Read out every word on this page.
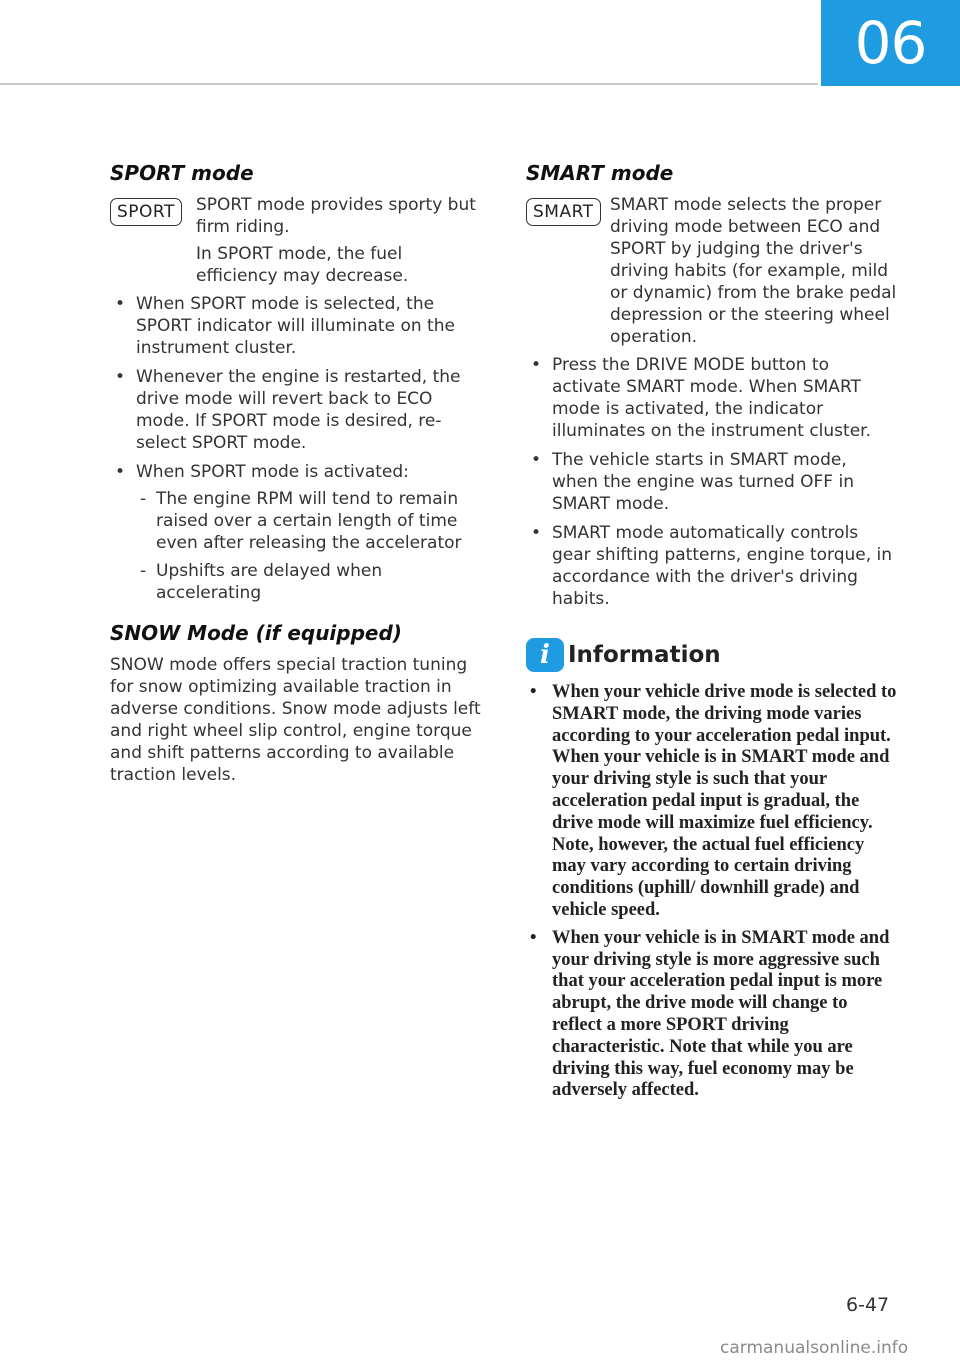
06
SPORT mode
SPORT	SPORT mode provides sporty but firm riding.

In SPORT mode, the fuel efficiency may decrease.

• When SPORT mode is selected, the SPORT indicator will illuminate on the instrument cluster.
• Whenever the engine is restarted, the drive mode will revert back to ECO mode. If SPORT mode is desired, re-select SPORT mode.
• When SPORT mode is activated:
- The engine RPM will tend to remain raised over a certain length of time even after releasing the accelerator
- Upshifts are delayed when accelerating
SNOW Mode (if equipped)

SNOW mode offers special traction tuning for snow optimizing available traction in adverse conditions. Snow mode adjusts left and right wheel slip control, engine torque and shift patterns according to available traction levels.

SMART mode
SMART SMART mode selects the proper driving mode between ECO and SPORT by judging the driver's driving habits (for example, mild or dynamic) from the brake pedal depression or the steering wheel operation.

• Press the DRIVE MODE button to activate SMART mode. When SMART mode is activated, the indicator illuminates on the instrument cluster.
• The vehicle starts in SMART mode, when the engine was turned OFF in SMART mode.
• SMART mode automatically controls gear shifting patterns, engine torque, in accordance with the driver's driving habits.
i Information
• When your vehicle drive mode is selected to SMART mode, the driving mode varies according to your acceleration pedal input. When your vehicle is in SMART mode and your driving style is such that your acceleration pedal input is gradual, the drive mode will maximize fuel efficiency. Note, however, the actual fuel efficiency may vary according to certain driving conditions (uphill/ downhill grade) and vehicle speed.
• When your vehicle is in SMART mode and your driving style is more aggressive such that your acceleration pedal input is more abrupt, the drive mode will change to reflect a more SPORT driving characteristic. Note that while you are driving this way, fuel economy may be adversely affected.
6-47
carmanualsonline.info
